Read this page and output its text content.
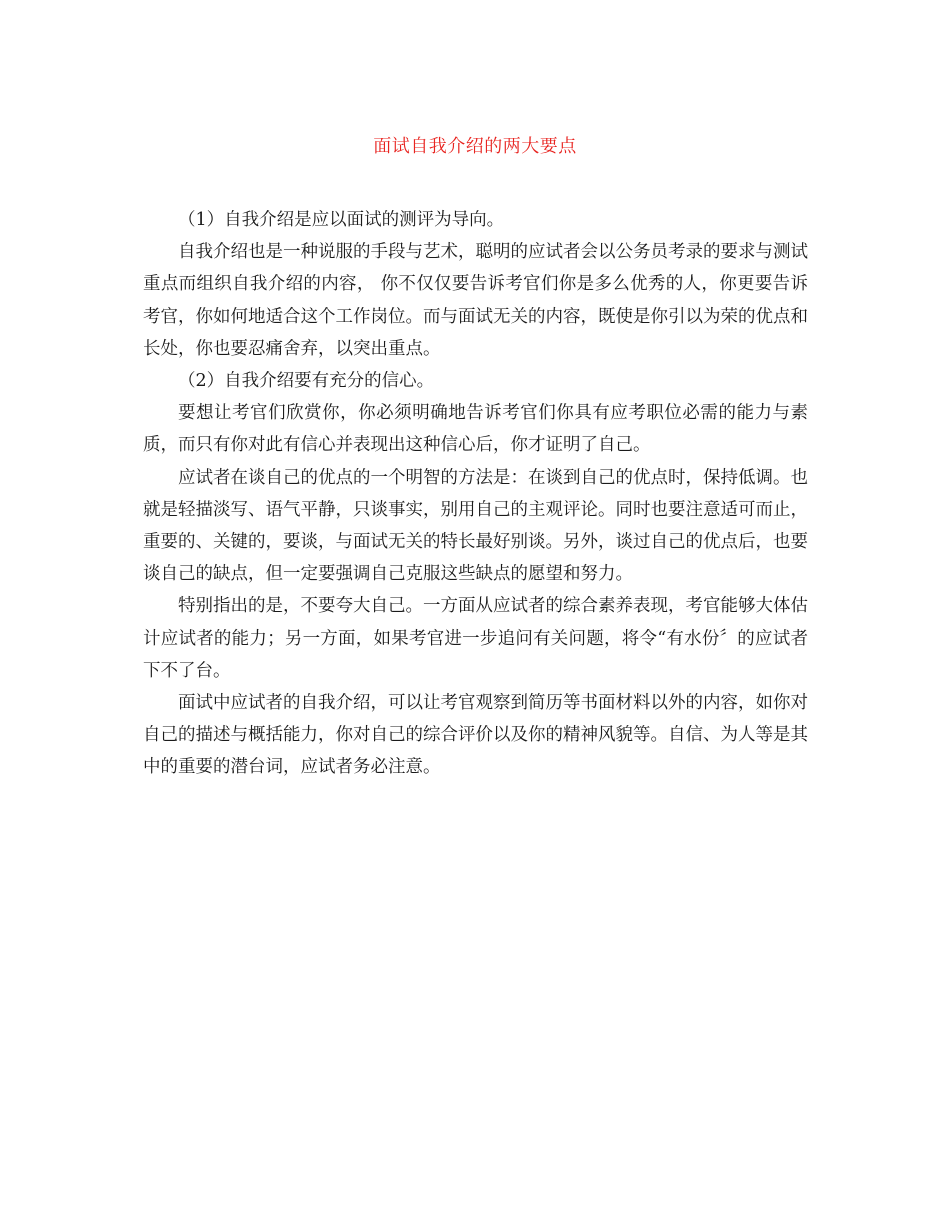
面试自我介绍的两大要点

（1）自我介绍是应以面试的测评为导向。

自我介绍也是一种说服的手段与艺术，聪明的应试者会以公务员考录的要求与测试重点而组织自我介绍的内容， 你不仅仅要告诉考官们你是多么优秀的人，你更要告诉考官，你如何地适合这个工作岗位。而与面试无关的内容，既使是你引以为荣的优点和长处，你也要忍痛舍弃，以突出重点。

（2）自我介绍要有充分的信心。

要想让考官们欣赏你，你必须明确地告诉考官们你具有应考职位必需的能力与素质，而只有你对此有信心并表现出这种信心后，你才证明了自己。

应试者在谈自己的优点的一个明智的方法是：在谈到自己的优点时，保持低调。也就是轻描淡写、语气平静，只谈事实，别用自己的主观评论。同时也要注意适可而止，重要的、关键的，要谈，与面试无关的特长最好别谈。另外，谈过自己的优点后，也要谈自己的缺点，但一定要强调自己克服这些缺点的愿望和努力。

特别指出的是，不要夸大自己。一方面从应试者的综合素养表现，考官能够大体估计应试者的能力；另一方面，如果考官进一步追问有关问题，将令“有水份〞的应试者下不了台。

面试中应试者的自我介绍，可以让考官观察到简历等书面材料以外的内容，如你对自己的描述与概括能力，你对自己的综合评价以及你的精神风貌等。自信、为人等是其中的重要的潜台词，应试者务必注意。
